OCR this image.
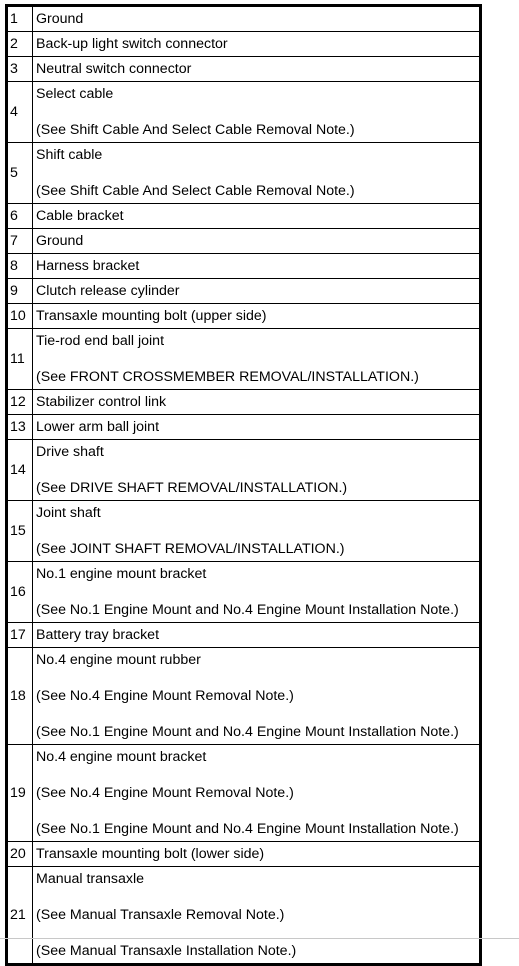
1	Ground

2	Back-up light switch connector

3	Neutral switch connector

4	Select cable
(See Shift Cable And Select Cable Removal Note.)

5	Shift cable
(See Shift Cable And Select Cable Removal Note.)

6	Cable bracket

7	Ground

8	Harness bracket

9	Clutch release cylinder

10	Transaxle mounting bolt (upper side)

11	Tie-rod end ball joint
(See FRONT CROSSMEMBER REMOVAL/INSTALLATION.)

12	Stabilizer control link

13	Lower arm ball joint

14	Drive shaft
(See DRIVE SHAFT REMOVAL/INSTALLATION.)

15	Joint shaft
(See JOINT SHAFT REMOVAL/INSTALLATION.)

16	No.1 engine mount bracket
(See No.1 Engine Mount and No.4 Engine Mount Installation Note.)

17	Battery tray bracket

18	No.4 engine mount rubber
(See No.4 Engine Mount Removal Note.)
(See No.1 Engine Mount and No.4 Engine Mount Installation Note.)

19	No.4 engine mount bracket
(See No.4 Engine Mount Removal Note.)
(See No.1 Engine Mount and No.4 Engine Mount Installation Note.)

20	Transaxle mounting bolt (lower side)

21	Manual transaxle
(See Manual Transaxle Removal Note.)
(See Manual Transaxle Installation Note.)
